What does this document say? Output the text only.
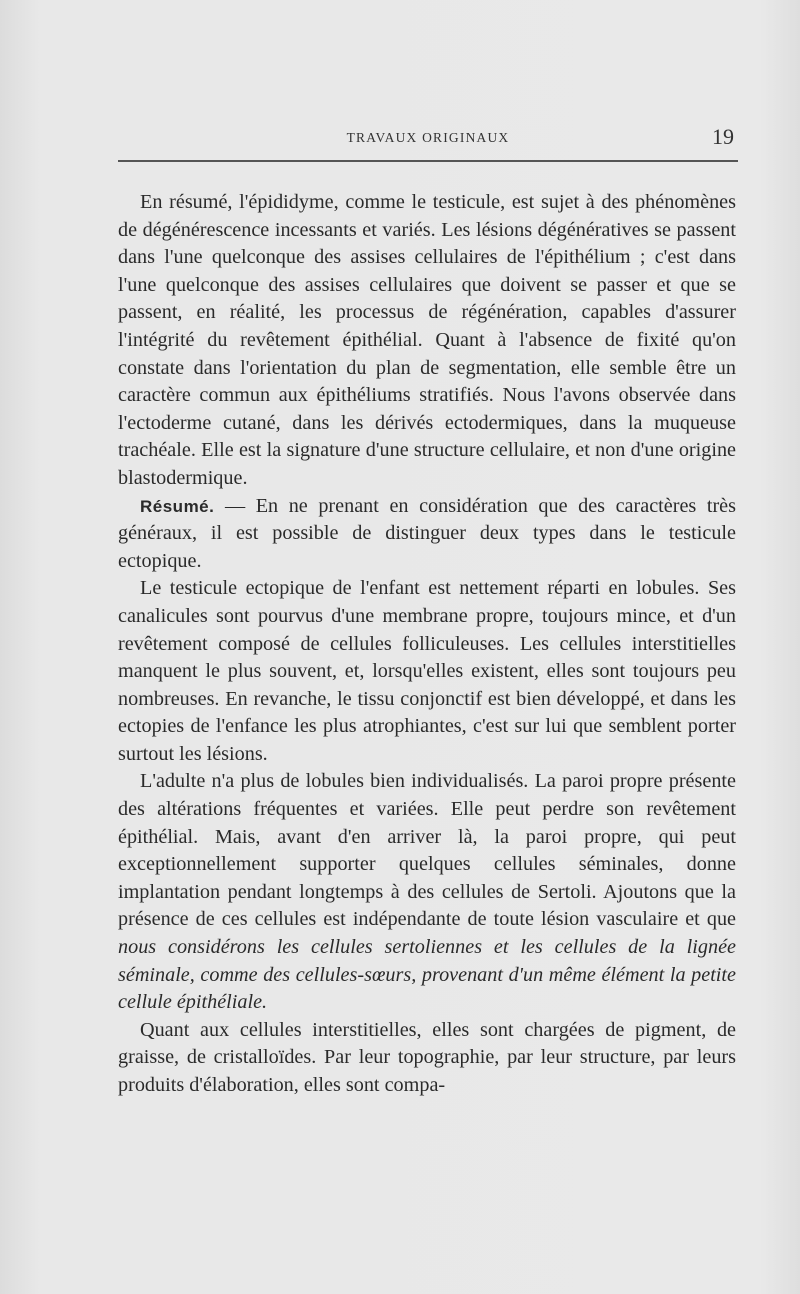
TRAVAUX ORIGINAUX	19

En résumé, l'épididyme, comme le testicule, est sujet à des phénomènes de dégénérescence incessants et variés. Les lésions dégénératives se passent dans l'une quelconque des assises cellulaires de l'épithélium ; c'est dans l'une quelconque des assises cellulaires que doivent se passer et que se passent, en réalité, les processus de régénération, capables d'assurer l'intégrité du revêtement épithélial. Quant à l'absence de fixité qu'on constate dans l'orientation du plan de segmentation, elle semble être un caractère commun aux épithéliums stratifiés. Nous l'avons observée dans l'ectoderme cutané, dans les dérivés ectodermiques, dans la muqueuse trachéale. Elle est la signature d'une structure cellulaire, et non d'une origine blastodermique.

Résumé. — En ne prenant en considération que des caractères très généraux, il est possible de distinguer deux types dans le testicule ectopique.

Le testicule ectopique de l'enfant est nettement réparti en lobules. Ses canalicules sont pourvus d'une membrane propre, toujours mince, et d'un revêtement composé de cellules folliculeuses. Les cellules interstitielles manquent le plus souvent, et, lorsqu'elles existent, elles sont toujours peu nombreuses. En revanche, le tissu conjonctif est bien développé, et dans les ectopies de l'enfance les plus atrophiantes, c'est sur lui que semblent porter surtout les lésions.

L'adulte n'a plus de lobules bien individualisés. La paroi propre présente des altérations fréquentes et variées. Elle peut perdre son revêtement épithélial. Mais, avant d'en arriver là, la paroi propre, qui peut exceptionnellement supporter quelques cellules séminales, donne implantation pendant longtemps à des cellules de Sertoli. Ajoutons que la présence de ces cellules est indépendante de toute lésion vasculaire et que nous considérons les cellules sertoliennes et les cellules de la lignée séminale, comme des cellules-sœurs, provenant d'un même élément la petite cellule épithéliale.

Quant aux cellules interstitielles, elles sont chargées de pigment, de graisse, de cristalloïdes. Par leur topographie, par leur structure, par leurs produits d'élaboration, elles sont compa-
